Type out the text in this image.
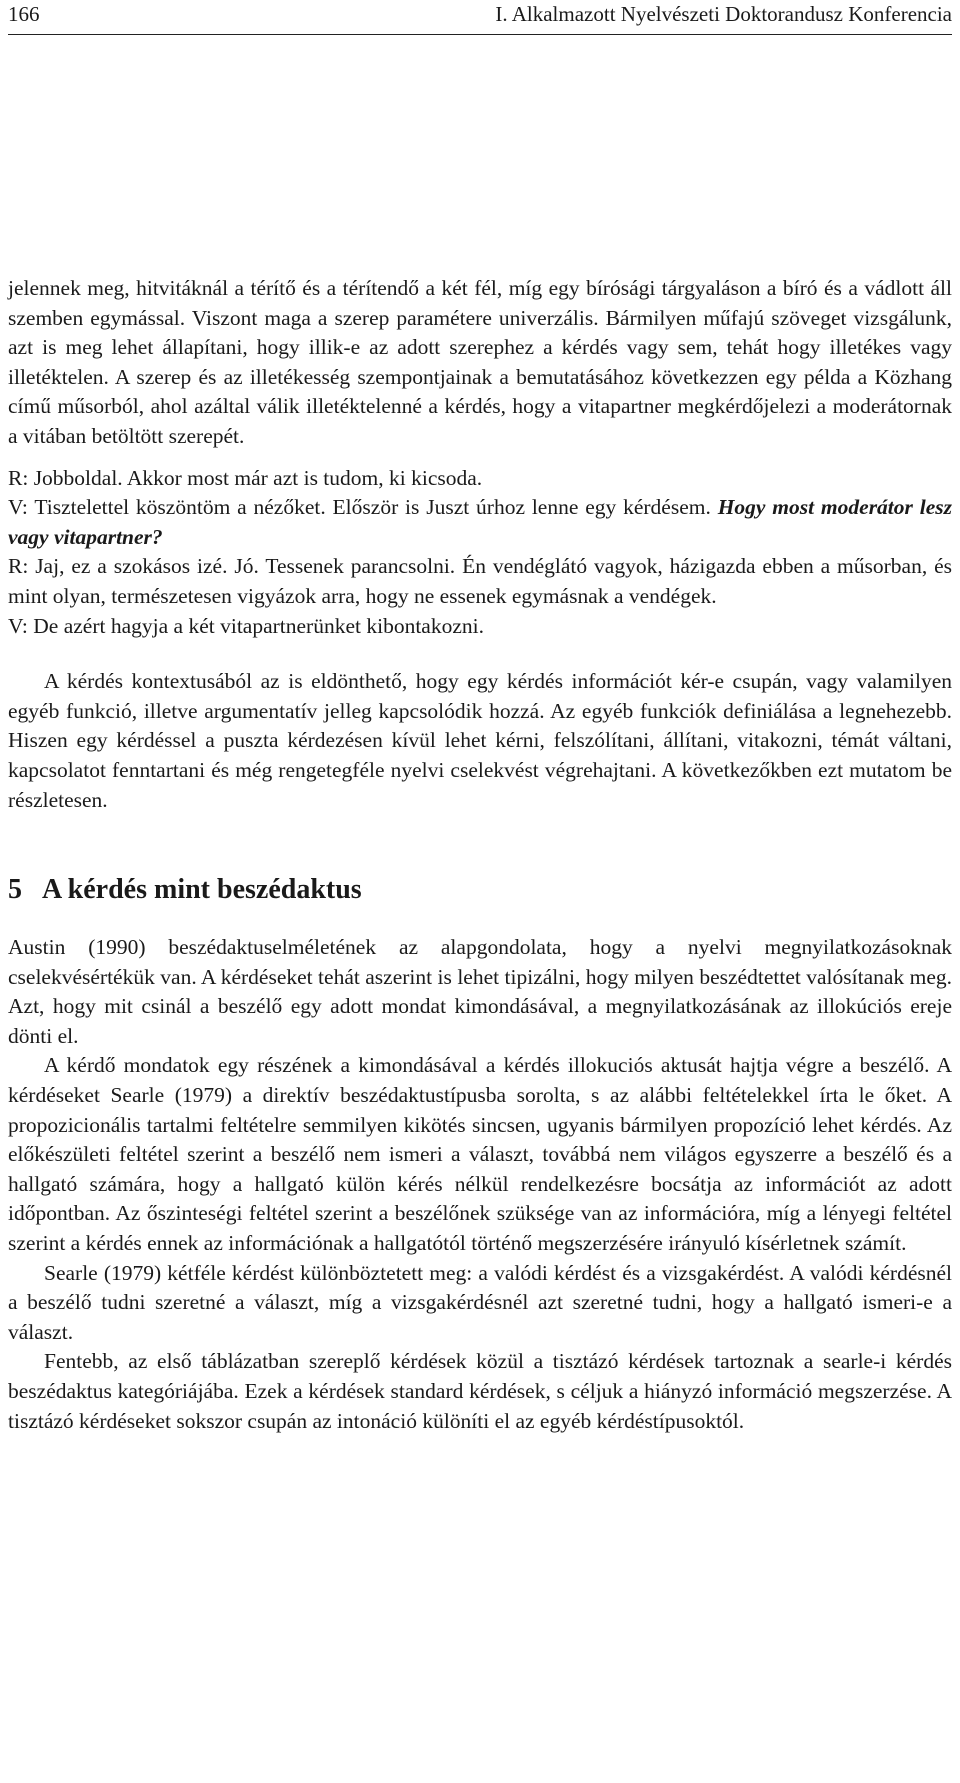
166	I. Alkalmazott Nyelvészeti Doktorandusz Konferencia

jelennek meg, hitvitáknál a térítő és a térítendő a két fél, míg egy bírósági tárgyaláson a bíró és a vádlott áll szemben egymással. Viszont maga a szerep paramétere univerzális. Bármilyen műfajú szöveget vizsgálunk, azt is meg lehet állapítani, hogy illik-e az adott szerephez a kérdés vagy sem, tehát hogy illetékes vagy illetéktelen. A szerep és az illetékesség szempontjainak a bemutatásához következzen egy példa a Közhang című műsorból, ahol azáltal válik illetéktelenné a kérdés, hogy a vitapartner megkérdőjelezi a moderátornak a vitában betöltött szerepét.

R: Jobboldal. Akkor most már azt is tudom, ki kicsoda.

V: Tisztelettel köszöntöm a nézőket. Először is Juszt úrhoz lenne egy kérdésem. Hogy most moderátor lesz vagy vitapartner?

R: Jaj, ez a szokásos izé. Jó. Tessenek parancsolni. Én vendéglátó vagyok, házigazda ebben a műsorban, és mint olyan, természetesen vigyázok arra, hogy ne essenek egymásnak a vendégek.

V: De azért hagyja a két vitapartnerünket kibontakozni.

A kérdés kontextusából az is eldönthető, hogy egy kérdés információt kér-e csupán, vagy valamilyen egyéb funkció, illetve argumentatív jelleg kapcsolódik hozzá. Az egyéb funkciók definiálása a legnehezebb. Hiszen egy kérdéssel a puszta kérdezésen kívül lehet kérni, felszólítani, állítani, vitakozni, témát váltani, kapcsolatot fenntartani és még rengetegféle nyelvi cselekvést végrehajtani. A következőkben ezt mutatom be részletesen.

5 A kérdés mint beszédaktus

Austin (1990) beszédaktuselméletének az alapgondolata, hogy a nyelvi megnyilatkozásoknak cselekvésértékük van. A kérdéseket tehát aszerint is lehet tipizálni, hogy milyen beszédtettet valósítanak meg. Azt, hogy mit csinál a beszélő egy adott mondat kimondásával, a megnyilatkozásának az illokúciós ereje dönti el.

A kérdő mondatok egy részének a kimondásával a kérdés illokuciós aktusát hajtja végre a beszélő. A kérdéseket Searle (1979) a direktív beszédaktustípusba sorolta, s az alábbi feltételekkel írta le őket. A propozicionális tartalmi feltételre semmilyen kikötés sincsen, ugyanis bármilyen propozíció lehet kérdés. Az előkészületi feltétel szerint a beszélő nem ismeri a választ, továbbá nem világos egyszerre a beszélő és a hallgató számára, hogy a hallgató külön kérés nélkül rendelkezésre bocsátja az információt az adott időpontban. Az őszinteségi feltétel szerint a beszélőnek szüksége van az információra, míg a lényegi feltétel szerint a kérdés ennek az információnak a hallgatótól történő megszerzésére irányuló kísérletnek számít.

Searle (1979) kétféle kérdést különböztetett meg: a valódi kérdést és a vizsgakérdést. A valódi kérdésnél a beszélő tudni szeretné a választ, míg a vizsgakérdésnél azt szeretné tudni, hogy a hallgató ismeri-e a választ.

Fentebb, az első táblázatban szereplő kérdések közül a tisztázó kérdések tartoznak a searle-i kérdés beszédaktus kategóriájába. Ezek a kérdések standard kérdések, s céljuk a hiányzó információ megszerzése. A tisztázó kérdéseket sokszor csupán az intonáció különíti el az egyéb kérdéstípusoktól.
